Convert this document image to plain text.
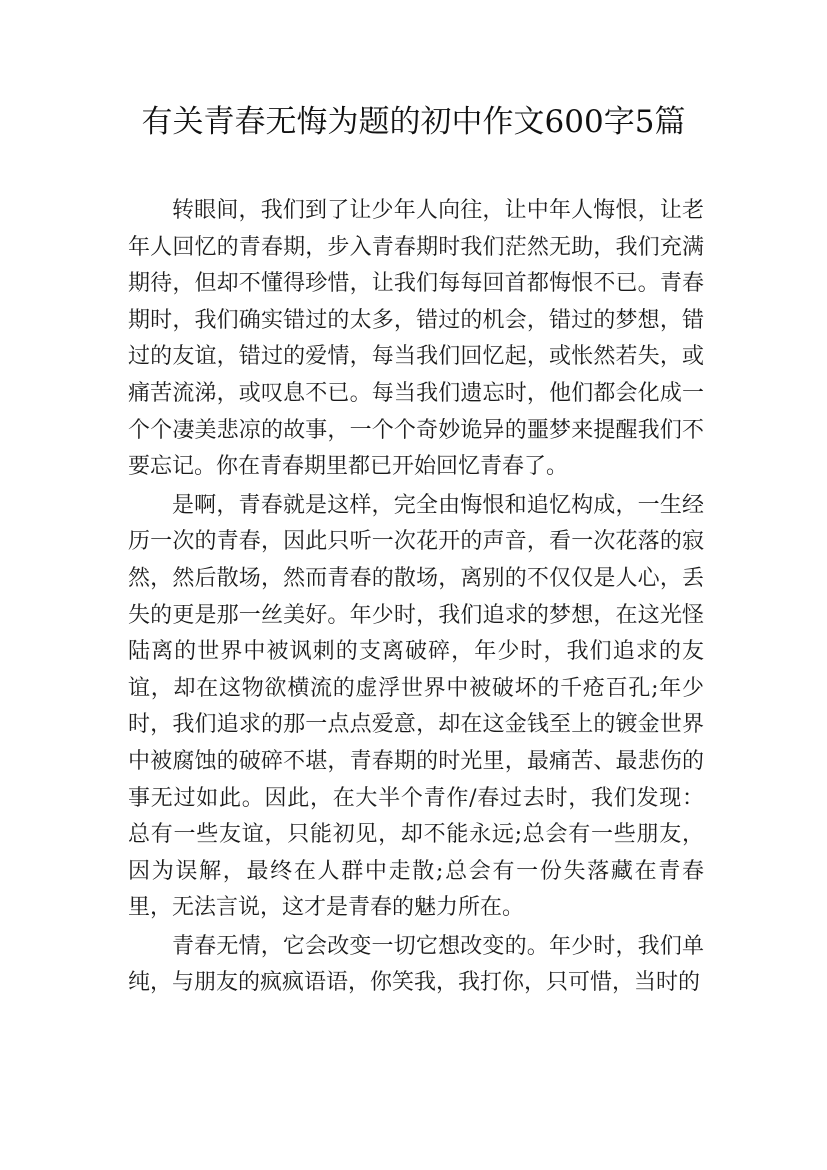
有关青春无悔为题的初中作文600字5篇

转眼间，我们到了让少年人向往，让中年人悔恨，让老年人回忆的青春期，步入青春期时我们茫然无助，我们充满期待，但却不懂得珍惜，让我们每每回首都悔恨不已。青春期时，我们确实错过的太多，错过的机会，错过的梦想，错过的友谊，错过的爱情，每当我们回忆起，或怅然若失，或痛苦流涕，或叹息不已。每当我们遗忘时，他们都会化成一个个凄美悲凉的故事，一个个奇妙诡异的噩梦来提醒我们不要忘记。你在青春期里都已开始回忆青春了。

是啊，青春就是这样，完全由悔恨和追忆构成，一生经历一次的青春，因此只听一次花开的声音，看一次花落的寂然，然后散场，然而青春的散场，离别的不仅仅是人心，丢失的更是那一丝美好。年少时，我们追求的梦想，在这光怪陆离的世界中被讽刺的支离破碎，年少时，我们追求的友谊，却在这物欲横流的虚浮世界中被破坏的千疮百孔;年少时，我们追求的那一点点爱意，却在这金钱至上的镀金世界中被腐蚀的破碎不堪，青春期的时光里，最痛苦、最悲伤的事无过如此。因此，在大半个青作/春过去时，我们发现：总有一些友谊，只能初见，却不能永远;总会有一些朋友，因为误解，最终在人群中走散;总会有一份失落藏在青春里，无法言说，这才是青春的魅力所在。

青春无情，它会改变一切它想改变的。年少时，我们单纯，与朋友的疯疯语语，你笑我，我打你，只可惜，当时的
